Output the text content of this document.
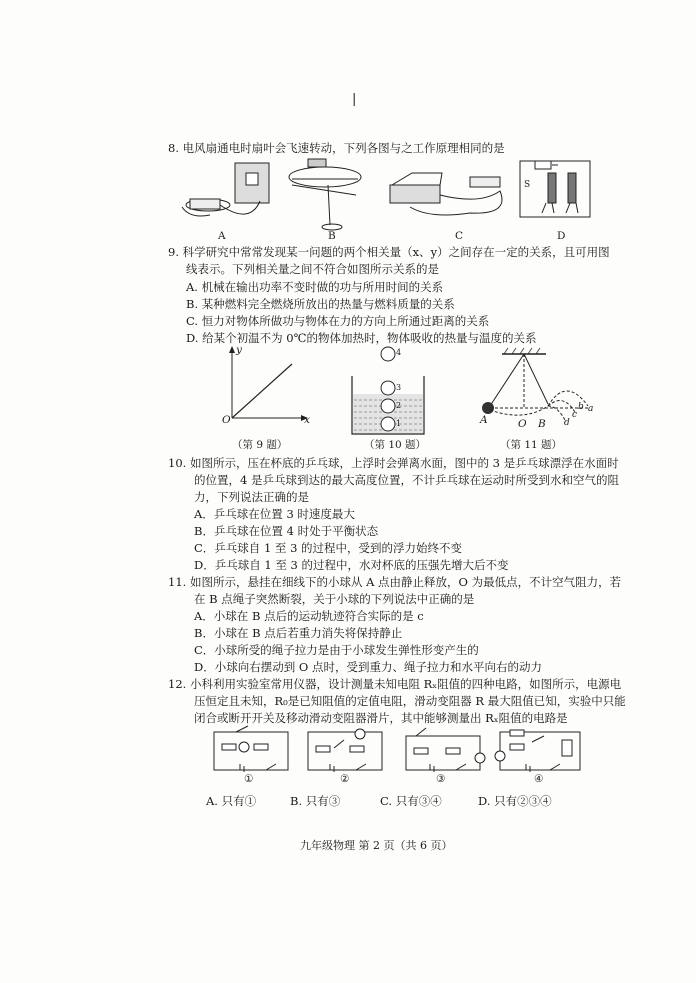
|
8. 电风扇通电时扇叶会飞速转动，下列各图与之工作原理相同的是
S
A	B	C	D
9. 科学研究中常常发现某一问题的两个相关量（x、y）之间存在一定的关系，且可用图
线表示。下列相关量之间不符合如图所示关系的是
A. 机械在输出功率不变时做的功与所用时间的关系
B. 某种燃料完全燃烧所放出的热量与燃料质量的关系
C. 恒力对物体所做功与物体在力的方向上所通过距离的关系
D. 给某个初温不为 0℃的物体加热时，物体吸收的热量与温度的关系
y
x
O
（第 9 题）
4
3
2
1
（第 10 题）
A	O B d
c
b a
（第 11 题）
10. 如图所示，压在杯底的乒乓球，上浮时会弹离水面，图中的 3 是乒乓球漂浮在水面时
的位置，4 是乒乓球到达的最大高度位置，不计乒乓球在运动时所受到水和空气的阻
力，下列说法正确的是
A．乒乓球在位置 3 时速度最大
B．乒乓球在位置 4 时处于平衡状态
C．乒乓球自 1 至 3 的过程中，受到的浮力始终不变
D．乒乓球自 1 至 3 的过程中，水对杯底的压强先增大后不变
11. 如图所示，悬挂在细线下的小球从 A 点由静止释放，O 为最低点，不计空气阻力，若
在 B 点绳子突然断裂，关于小球的下列说法中正确的是
A．小球在 B 点后的运动轨迹符合实际的是 c
B．小球在 B 点后若重力消失将保持静止
C．小球所受的绳子拉力是由于小球发生弹性形变产生的
D．小球向右摆动到 O 点时，受到重力、绳子拉力和水平向右的动力
12. 小科利用实验室常用仪器，设计测量未知电阻 Rₓ阻值的四种电路，如图所示，电源电
压恒定且未知，R₀是已知阻值的定值电阻，滑动变阻器 R 最大阻值已知，实验中只能
闭合或断开开关及移动滑动变阻器滑片，其中能够测量出 Rₓ阻值的电路是
①	②	③	④
A. 只有①	B. 只有③	C. 只有③④	D. 只有②③④
九年级物理 第 2 页（共 6 页）
